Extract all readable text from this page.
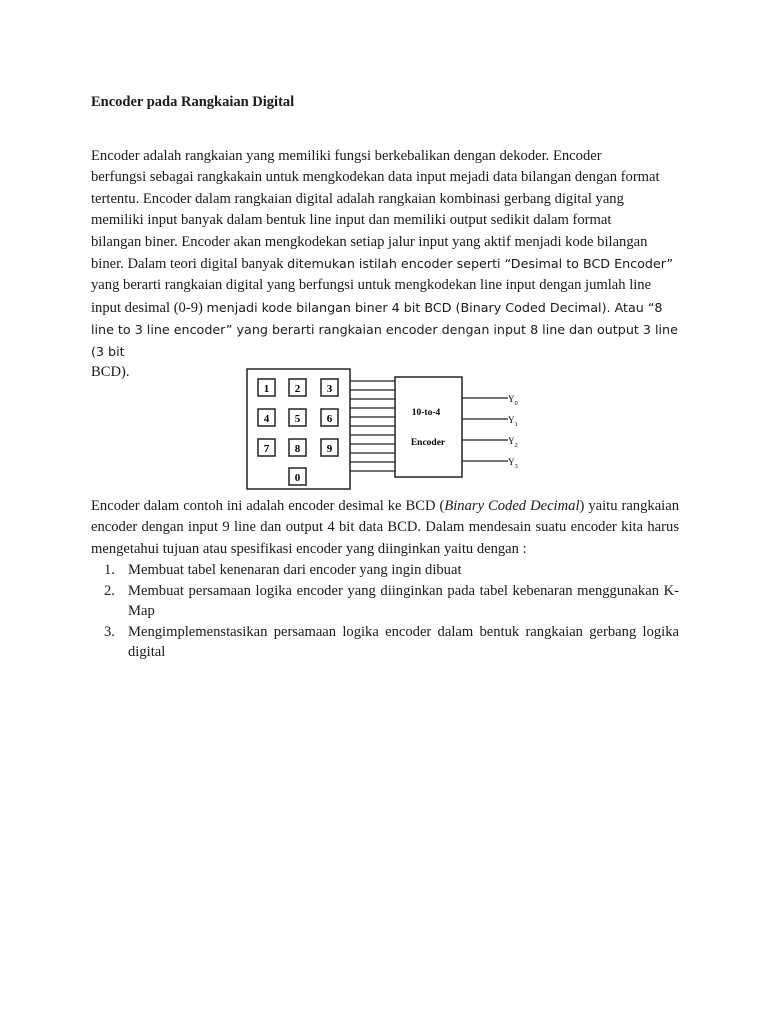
Encoder pada Rangkaian Digital
Encoder adalah rangkaian yang memiliki fungsi berkebalikan dengan dekoder. Encoder
berfungsi sebagai rangkakain untuk mengkodekan data input mejadi data bilangan dengan format
tertentu. Encoder dalam rangkaian digital adalah rangkaian kombinasi gerbang digital yang
memiliki input banyak dalam bentuk line input dan memiliki output sedikit dalam format
bilangan biner. Encoder akan mengkodekan setiap jalur input yang aktif menjadi kode bilangan
biner. Dalam teori digital banyak ditemukan istilah encoder seperti “Desimal to BCD Encoder”
yang berarti rangkaian digital yang berfungsi untuk mengkodekan line input dengan jumlah line
input desimal (0-9) menjadi kode bilangan biner 4 bit BCD (Binary Coded Decimal). Atau “8
line to 3 line encoder” yang berarti rangkaian encoder dengan input 8 line dan output 3 line (3 bit
BCD).
1 2 3
4 5 6
7 8 9
0
10-to-4
Encoder
$Y_0$
$Y_1$
$Y_2$
$Y_3$

Encoder dalam contoh ini adalah encoder desimal ke BCD (Binary Coded Decimal) yaitu rangkaian encoder dengan input 9 line dan output 4 bit data BCD. Dalam mendesain suatu encoder kita harus mengetahui tujuan atau spesifikasi encoder yang diinginkan yaitu dengan :

1. Membuat tabel kenenaran dari encoder yang ingin dibuat
2. Membuat persamaan logika encoder yang diinginkan pada tabel kebenaran menggunakan K-Map
3. Mengimplemenstasikan persamaan logika encoder dalam bentuk rangkaian gerbang logika digital
